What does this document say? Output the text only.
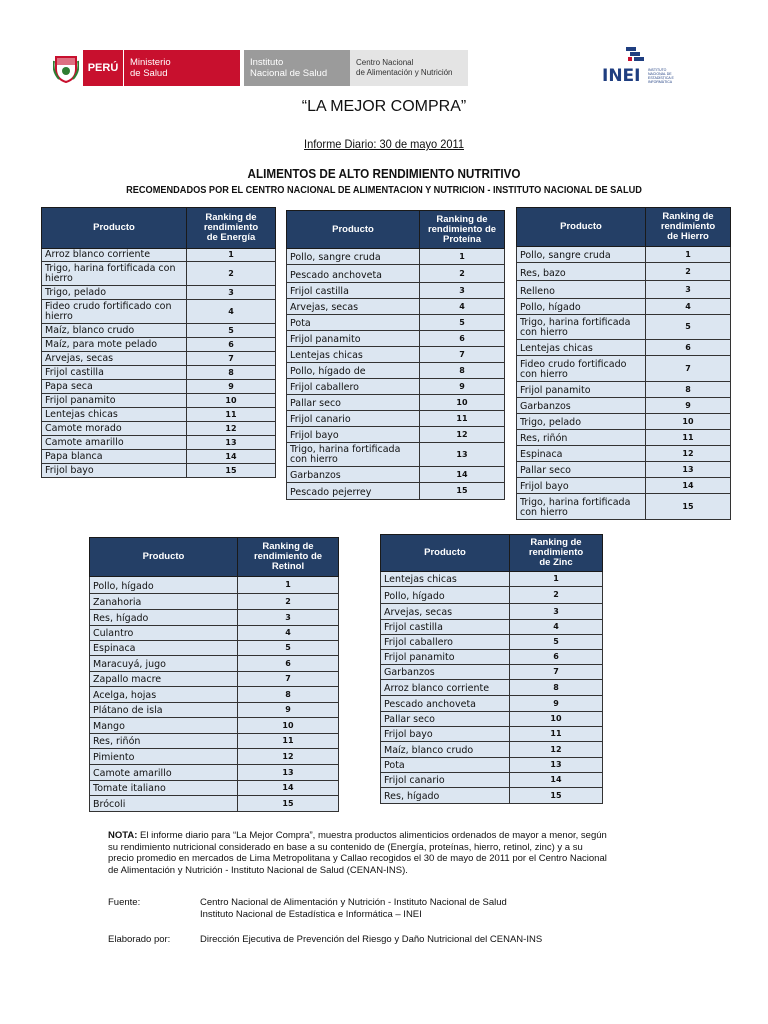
PERÚ	Ministerio
de Salud
Instituto
Nacional de Salud
Centro Nacional
de Alimentación y Nutrición	INEI INSTITUTO NACIONAL DE ESTADÍSTICA E INFORMÁTICA
“LA MEJOR COMPRA”
Informe Diario: 30 de mayo 2011
ALIMENTOS DE ALTO RENDIMIENTO NUTRITIVO
RECOMENDADOS POR EL CENTRO NACIONAL DE ALIMENTACION Y NUTRICION - INSTITUTO NACIONAL DE SALUD
Producto	Ranking de
rendimiento
de Energía
Arroz blanco corriente	1
Trigo, harina fortificada con hierro	2
Trigo, pelado	3
Fideo crudo fortificado con hierro	4
Maíz, blanco crudo	5
Maíz, para mote pelado	6
Arvejas, secas	7
Frijol castilla	8
Papa seca	9
Frijol panamito	10
Lentejas chicas	11
Camote morado	12
Camote amarillo	13
Papa blanca	14
Frijol bayo	15
Producto	Ranking de
rendimiento de
Proteína
Pollo, sangre cruda	1
Pescado anchoveta	2
Frijol castilla	3
Arvejas, secas	4
Pota	5
Frijol panamito	6
Lentejas chicas	7
Pollo, hígado de	8
Frijol caballero	9
Pallar seco	10
Frijol canario	11
Frijol bayo	12
Trigo, harina fortificada con hierro	13
Garbanzos	14
Pescado pejerrey	15
Producto	Ranking de
rendimiento
de Hierro
Pollo, sangre cruda	1
Res, bazo	2
Relleno	3
Pollo, hígado	4
Trigo, harina fortificada con hierro	5
Lentejas chicas	6
Fideo crudo fortificado con hierro	7
Frijol panamito	8
Garbanzos	9
Trigo, pelado	10
Res, riñón	11
Espinaca	12
Pallar seco	13
Frijol bayo	14
Trigo, harina fortificada con hierro	15
Producto	Ranking de
rendimiento de
Retinol
Pollo, hígado	1
Zanahoria	2
Res, hígado	3
Culantro	4
Espinaca	5
Maracuyá, jugo	6
Zapallo macre	7
Acelga, hojas	8
Plátano de isla	9
Mango	10
Res, riñón	11
Pimiento	12
Camote amarillo	13
Tomate italiano	14
Brócoli	15
Producto	Ranking de
rendimiento
de Zinc
Lentejas chicas	1
Pollo, hígado	2
Arvejas, secas	3
Frijol castilla	4
Frijol caballero	5
Frijol panamito	6
Garbanzos	7
Arroz blanco corriente	8
Pescado anchoveta	9
Pallar seco	10
Frijol bayo	11
Maíz, blanco crudo	12
Pota	13
Frijol canario	14
Res, hígado	15
NOTA: El informe diario para “La Mejor Compra”, muestra productos alimenticios ordenados de mayor a menor, según su rendimiento nutricional considerado en base a su contenido de (Energía, proteínas, hierro, retinol, zinc) y a su precio promedio en mercados de Lima Metropolitana y Callao recogidos el 30 de mayo de 2011 por el Centro Nacional de Alimentación y Nutrición - Instituto Nacional de Salud (CENAN-INS).
Fuente:	Centro Nacional de Alimentación y Nutrición - Instituto Nacional de Salud
Instituto Nacional de Estadística e Informática – INEI
Elaborado por:	Dirección Ejecutiva de Prevención del Riesgo y Daño Nutricional del CENAN-INS
